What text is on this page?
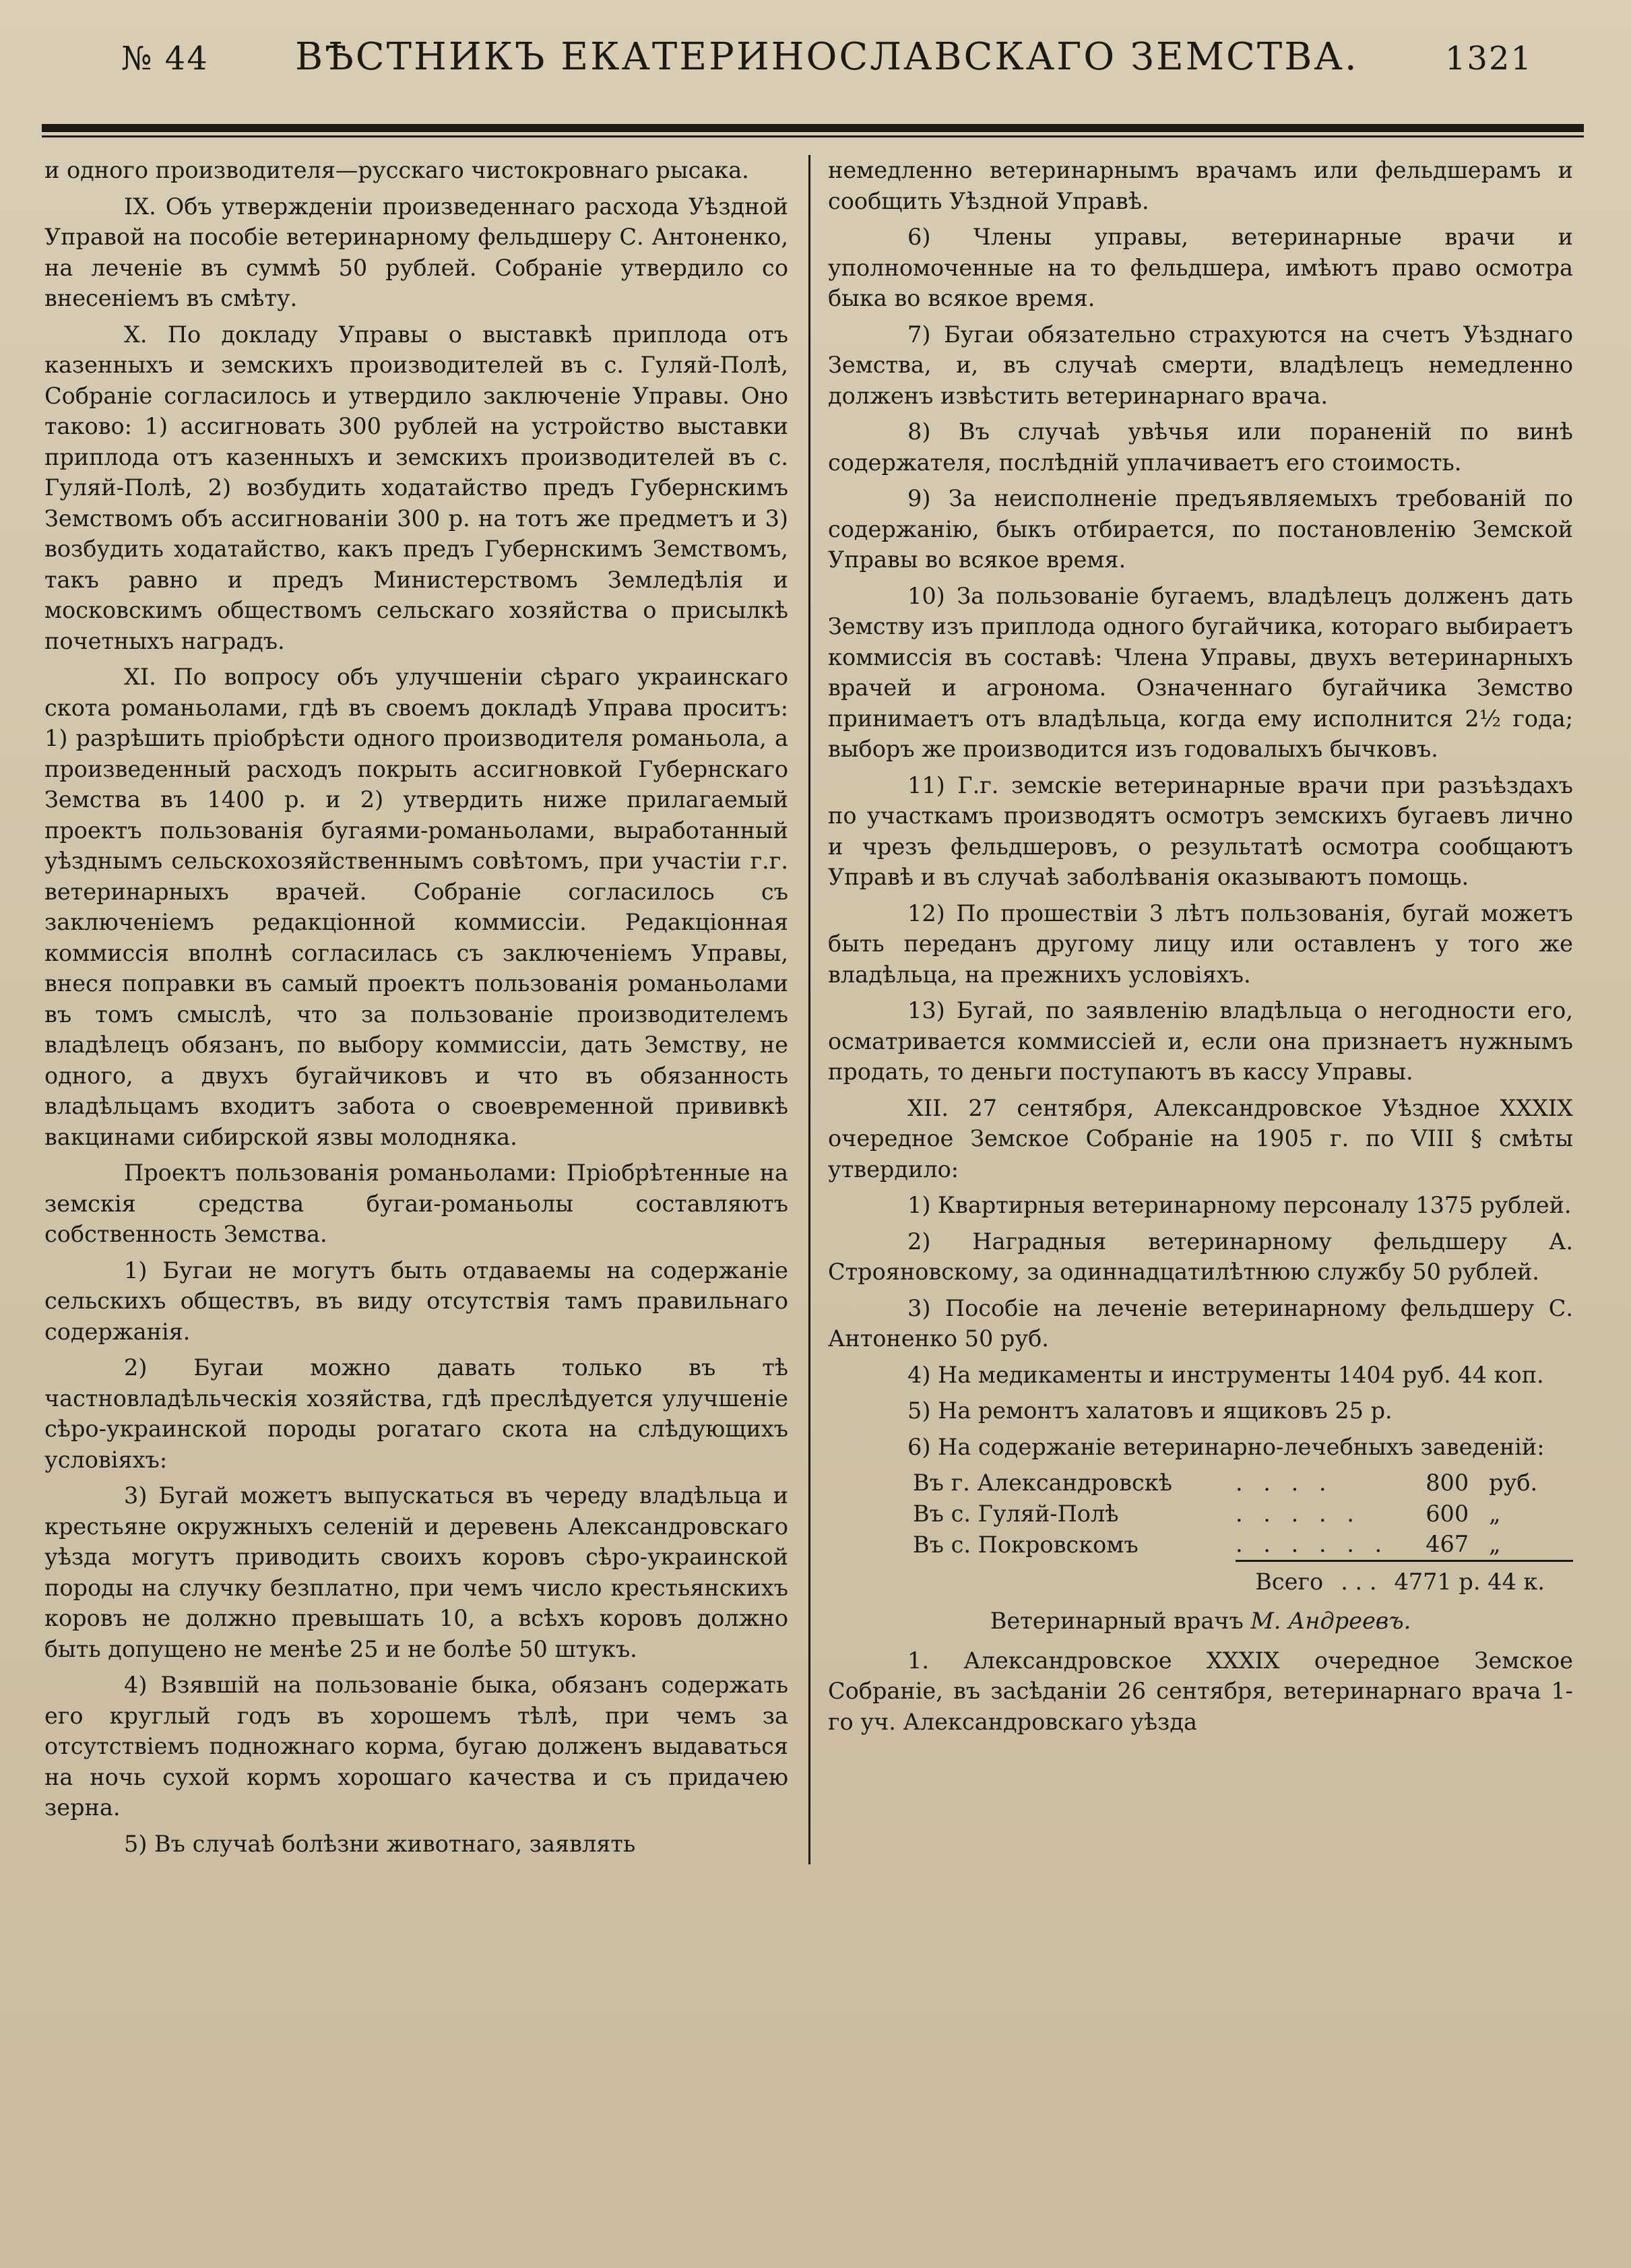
№ 44 ВѢСТНИКЪ ЕКАТЕРИНОСЛАВСКАГО ЗЕМСТВА.	1321

и одного производителя—русскаго чистокровнаго рысака.

IX. Объ утвержденіи произведеннаго расхода Уѣздной Управой на пособіе ветеринарному фельдшеру С. Антоненко, на леченіе въ суммѣ 50 рублей. Собраніе утвердило со внесеніемъ въ смѣту.

X. По докладу Управы о выставкѣ приплода отъ казенныхъ и земскихъ производителей въ с. Гуляй-Полѣ, Собраніе согласилось и утвердило заключеніе Управы. Оно таково: 1) ассигновать 300 рублей на устройство выставки приплода отъ казенныхъ и земскихъ производителей въ с. Гуляй-Полѣ, 2) возбудить ходатайство предъ Губернскимъ Земствомъ объ ассигнованіи 300 р. на тотъ же предметъ и 3) возбудить ходатайство, какъ предъ Губернскимъ Земствомъ, такъ равно и предъ Министерствомъ Земледѣлія и московскимъ обществомъ сельскаго хозяйства о присылкѣ почетныхъ наградъ.

XI. По вопросу объ улучшеніи сѣраго украинскаго скота романьолами, гдѣ въ своемъ докладѣ Управа проситъ: 1) разрѣшить пріобрѣсти одного производителя романьола, а произведенный расходъ покрыть ассигновкой Губернскаго Земства въ 1400 р. и 2) утвердить ниже прилагаемый проектъ пользованія бугаями-романьолами, выработанный уѣзднымъ сельскохозяйственнымъ совѣтомъ, при участіи г.г. ветеринарныхъ врачей. Собраніе согласилось съ заключеніемъ редакціонной коммиссіи. Редакціонная коммиссія вполнѣ согласилась съ заключеніемъ Управы, внеся поправки въ самый проектъ пользованія романьолами въ томъ смыслѣ, что за пользованіе производителемъ владѣлецъ обязанъ, по выбору коммиссіи, дать Земству, не одного, а двухъ бугайчиковъ и что въ обязанность владѣльцамъ входитъ забота о своевременной прививкѣ вакцинами сибирской язвы молодняка.

Проектъ пользованія романьолами: Пріобрѣтенные на земскія средства бугаи-романьолы составляютъ собственность Земства.

1) Бугаи не могутъ быть отдаваемы на содержаніе сельскихъ обществъ, въ виду отсутствія тамъ правильнаго содержанія.

2) Бугаи можно давать только въ тѣ частновладѣльческія хозяйства, гдѣ преслѣдуется улучшеніе сѣро-украинской породы рогатаго скота на слѣдующихъ условіяхъ:

3) Бугай можетъ выпускаться въ череду владѣльца и крестьяне окружныхъ селеній и деревень Александровскаго уѣзда могутъ приводить своихъ коровъ сѣро-украинской породы на случку безплатно, при чемъ число крестьянскихъ коровъ не должно превышать 10, а всѣхъ коровъ должно быть допущено не менѣе 25 и не болѣе 50 штукъ.

4) Взявшій на пользованіе быка, обязанъ содержать его круглый годъ въ хорошемъ тѣлѣ, при чемъ за отсутствіемъ подножнаго корма, бугаю долженъ выдаваться на ночь сухой кормъ хорошаго качества и съ придачею зерна.

5) Въ случаѣ болѣзни животнаго, заявлять

немедленно ветеринарнымъ врачамъ или фельдшерамъ и сообщить Уѣздной Управѣ.

6) Члены управы, ветеринарные врачи и уполномоченные на то фельдшера, имѣютъ право осмотра быка во всякое время.

7) Бугаи обязательно страхуются на счетъ Уѣзднаго Земства, и, въ случаѣ смерти, владѣлецъ немедленно долженъ извѣстить ветеринарнаго врача.

8) Въ случаѣ увѣчья или пораненій по винѣ содержателя, послѣдній уплачиваетъ его стоимость.

9) За неисполненіе предъявляемыхъ требованій по содержанію, быкъ отбирается, по постановленію Земской Управы во всякое время.

10) За пользованіе бугаемъ, владѣлецъ долженъ дать Земству изъ приплода одного бугайчика, котораго выбираетъ коммиссія въ составѣ: Члена Управы, двухъ ветеринарныхъ врачей и агронома. Означеннаго бугайчика Земство принимаетъ отъ владѣльца, когда ему исполнится 2½ года; выборъ же производится изъ годовалыхъ бычковъ.

11) Г.г. земскіе ветеринарные врачи при разъѣздахъ по участкамъ производятъ осмотръ земскихъ бугаевъ лично и чрезъ фельдшеровъ, о результатѣ осмотра сообщаютъ Управѣ и въ случаѣ заболѣванія оказываютъ помощь.

12) По прошествіи 3 лѣтъ пользованія, бугай можетъ быть переданъ другому лицу или оставленъ у того же владѣльца, на прежнихъ условіяхъ.

13) Бугай, по заявленію владѣльца о негодности его, осматривается коммиссіей и, если она признаетъ нужнымъ продать, то деньги поступаютъ въ кассу Управы.

XII. 27 сентября, Александровское Уѣздное XXXIX очередное Земское Собраніе на 1905 г. по VIII § смѣты утвердило:

1) Квартирныя ветеринарному персоналу 1375 рублей.

2) Наградныя ветеринарному фельдшеру А. Строяновскому, за одиннадцатилѣтнюю службу 50 рублей.

3) Пособіе на леченіе ветеринарному фельдшеру С. Антоненко 50 руб.

4) На медикаменты и инструменты 1404 руб. 44 коп.

5) На ремонтъ халатовъ и ящиковъ 25 р.

6) На содержаніе ветеринарно-лечебныхъ заведеній:

Въ г. Александровскѣ	. . . .	800	руб.
Въ с. Гуляй-Полѣ	. . . . .	600	„
Въ с. Покровскомъ	. . . . . .	467	„
Всего . . . 4771 р. 44 к.
Ветеринарный врачъ М. Андреевъ.

1. Александровское XXXIX очередное Земское Собраніе, въ засѣданіи 26 сентября, ветеринарнаго врача 1-го уч. Александровскаго уѣзда
